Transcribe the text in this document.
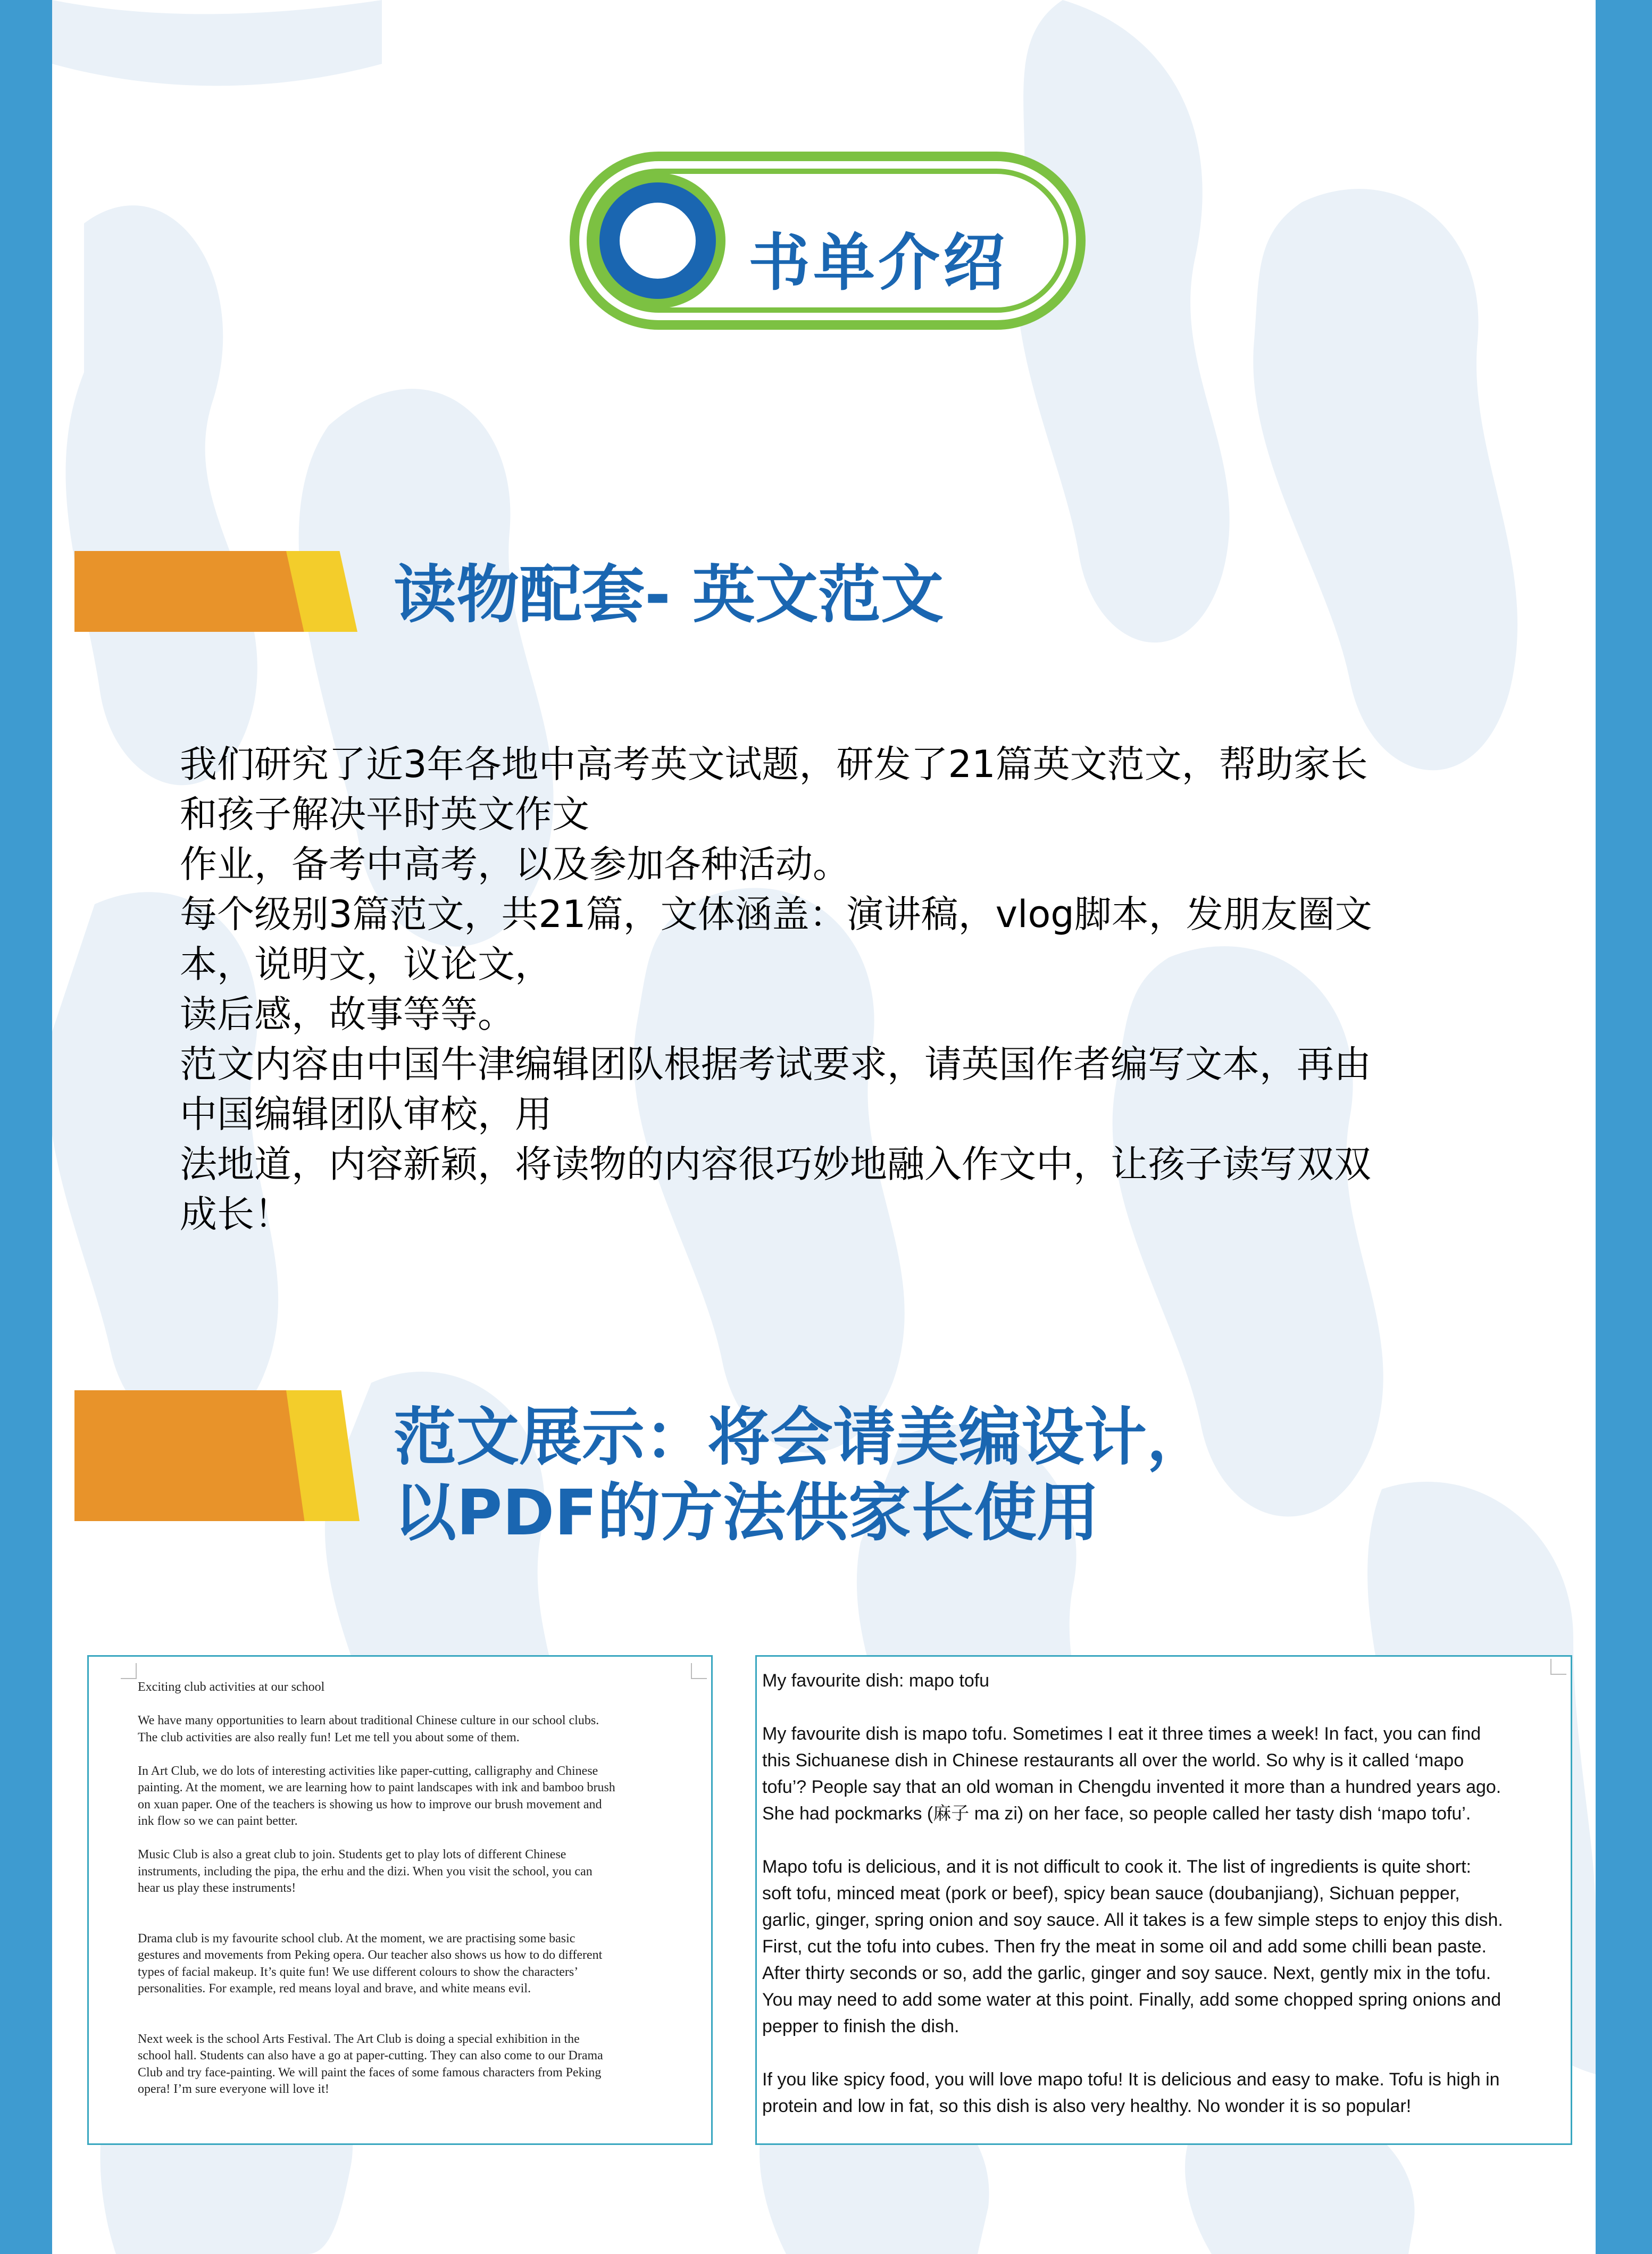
书单介绍
读物配套- 英文范文

我们研究了近3年各地中高考英文试题，研发了21篇英文范文，帮助家长

和孩子解决平时英文作文

作业，备考中高考，以及参加各种活动。

每个级别3篇范文，共21篇，文体涵盖：演讲稿，vlog脚本，发朋友圈文

本，说明文，议论文，

读后感，故事等等。

范文内容由中国牛津编辑团队根据考试要求，请英国作者编写文本，再由

中国编辑团队审校，用

法地道，内容新颖，将读物的内容很巧妙地融入作文中，让孩子读写双双

成长！

范文展示：将会请美编设计，
以PDF的方法供家长使用

Exciting club activities at our school

We have many opportunities to learn about traditional Chinese culture in our school clubs.

The club activities are also really fun! Let me tell you about some of them.

In Art Club, we do lots of interesting activities like paper-cutting, calligraphy and Chinese

painting. At the moment, we are learning how to paint landscapes with ink and bamboo brush

on xuan paper. One of the teachers is showing us how to improve our brush movement and

ink flow so we can paint better.

Music Club is also a great club to join. Students get to play lots of different Chinese

instruments, including the pipa, the erhu and the dizi. When you visit the school, you can

hear us play these instruments!

Drama club is my favourite school club. At the moment, we are practising some basic

gestures and movements from Peking opera. Our teacher also shows us how to do different

types of facial makeup. It’s quite fun! We use different colours to show the characters’

personalities. For example, red means loyal and brave, and white means evil.

Next week is the school Arts Festival. The Art Club is doing a special exhibition in the

school hall. Students can also have a go at paper-cutting. They can also come to our Drama

Club and try face-painting. We will paint the faces of some famous characters from Peking

opera! I’m sure everyone will love it!

My favourite dish: mapo tofu

My favourite dish is mapo tofu. Sometimes I eat it three times a week! In fact, you can find

this Sichuanese dish in Chinese restaurants all over the world. So why is it called ‘mapo

tofu’? People say that an old woman in Chengdu invented it more than a hundred years ago.

She had pockmarks (麻子 ma zi) on her face, so people called her tasty dish ‘mapo tofu’.

Mapo tofu is delicious, and it is not difficult to cook it. The list of ingredients is quite short:

soft tofu, minced meat (pork or beef), spicy bean sauce (doubanjiang), Sichuan pepper,

garlic, ginger, spring onion and soy sauce. All it takes is a few simple steps to enjoy this dish.

First, cut the tofu into cubes. Then fry the meat in some oil and add some chilli bean paste.

After thirty seconds or so, add the garlic, ginger and soy sauce. Next, gently mix in the tofu.

You may need to add some water at this point. Finally, add some chopped spring onions and

pepper to finish the dish.

If you like spicy food, you will love mapo tofu! It is delicious and easy to make. Tofu is high in

protein and low in fat, so this dish is also very healthy. No wonder it is so popular!
